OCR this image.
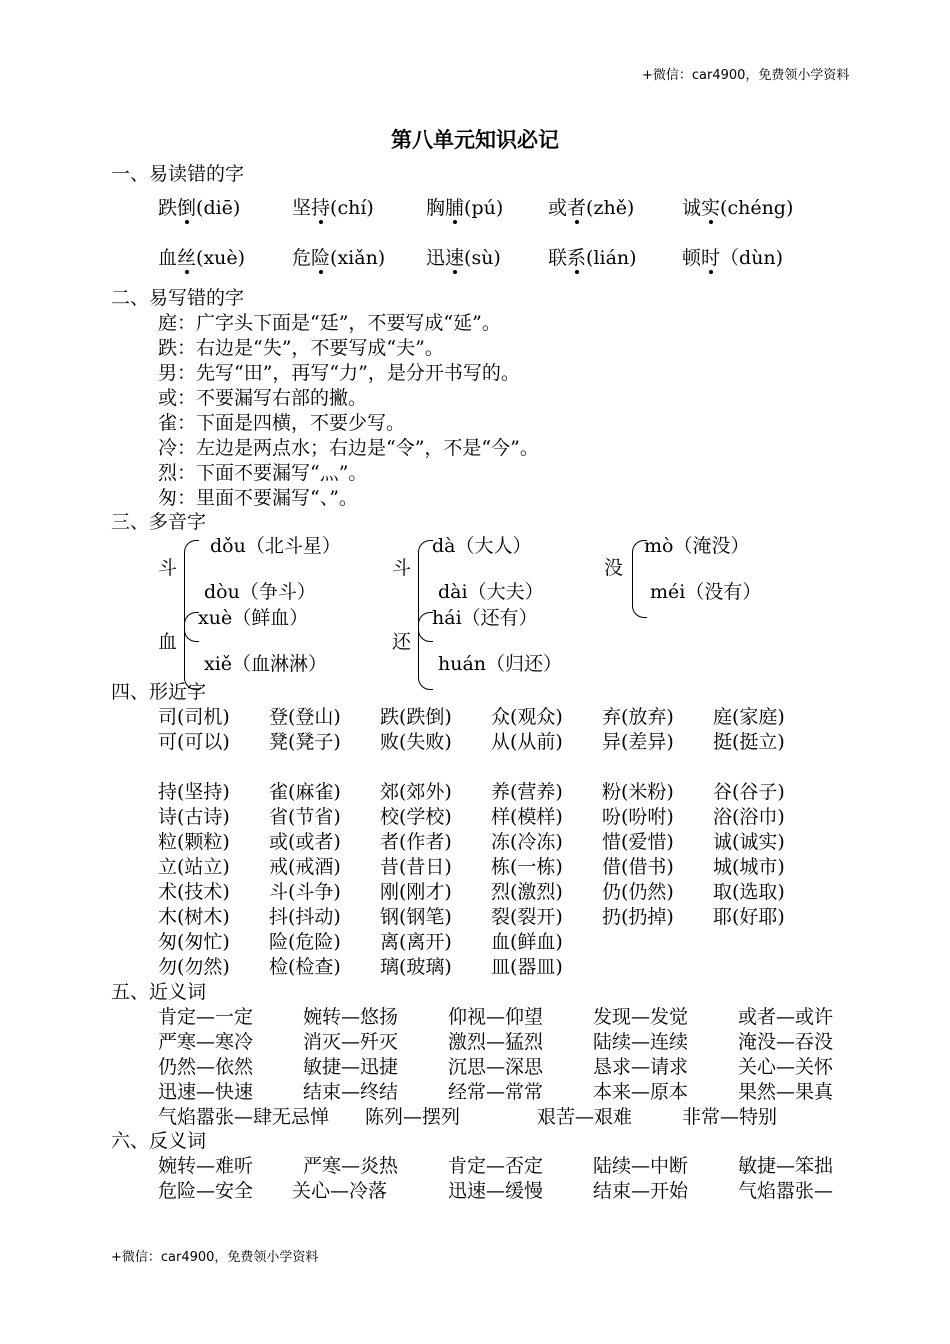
+微信：car4900，免费领小学资料
第八单元知识必记
一、易读错的字
跌倒(diē)	坚持(chí)	胸脯(pú) 或者(zhě)	诚实(chéng)
血丝(xuè) 危险(xiǎn) 迅速(sù) 联系(lián) 顿时（dùn)
二、易写错的字
庭：广字头下面是“廷”，不要写成“延”。
跌：右边是“失”，不要写成“夫”。
男：先写“田”，再写“力”，是分开书写的。
或：不要漏写右部的撇。
雀：下面是四横，不要少写。
冷：左边是两点水；右边是“令”，不是“今”。
烈：下面不要漏写“灬”。
匆：里面不要漏写“、”。
三、多音字
斗
dǒu（北斗星）
dòu（争斗）
斗
dà（大人）
dài（大夫）
没
mò（淹没）
méi（没有）
血
xuè（鲜血）
xiě（血淋淋）
还
hái（还有）
huán（归还）
四、形近字
司(司机)	登(登山)	跌(跌倒)	众(观众)	弃(放弃)	庭(家庭)
可(可以)	凳(凳子)	败(失败)	从(从前)	异(差异)	挺(挺立)
持(坚持)	雀(麻雀)	郊(郊外)	养(营养)	粉(米粉)	谷(谷子)
诗(古诗)	省(节省)	校(学校)	样(模样)	吩(吩咐)	浴(浴巾)
粒(颗粒)	或(或者)	者(作者)	冻(冷冻)	惜(爱惜)	诚(诚实)
立(站立)	戒(戒酒)	昔(昔日)	栋(一栋)	借(借书)	城(城市)
术(技术)	斗(斗争)	刚(刚才)	烈(激烈)	仍(仍然)	取(选取)
木(树木)	抖(抖动)	钢(钢笔)	裂(裂开)	扔(扔掉)	耶(好耶)
匆(匆忙)	险(危险)	离(离开)	血(鲜血)
勿(勿然)	检(检查)	璃(玻璃)	皿(器皿)
五、近义词
肯定—一定	婉转—悠扬	仰视—仰望	发现—发觉	或者—或许
严寒—寒冷	消灭—歼灭	激烈—猛烈	陆续—连续	淹没—吞没
仍然—依然	敏捷—迅捷	沉思—深思	恳求—请求	关心—关怀
迅速—快速	结束—终结	经常—常常	本来—原本	果然—果真
气焰嚣张—肆无忌惮 陈列—摆列	艰苦—艰难	非常—特别
六、反义词
婉转—难听	严寒—炎热	肯定—否定	陆续—中断	敏捷—笨拙
危险—安全 关心—冷落	迅速—缓慢	结束—开始	气焰嚣张—
+微信：car4900，免费领小学资料
